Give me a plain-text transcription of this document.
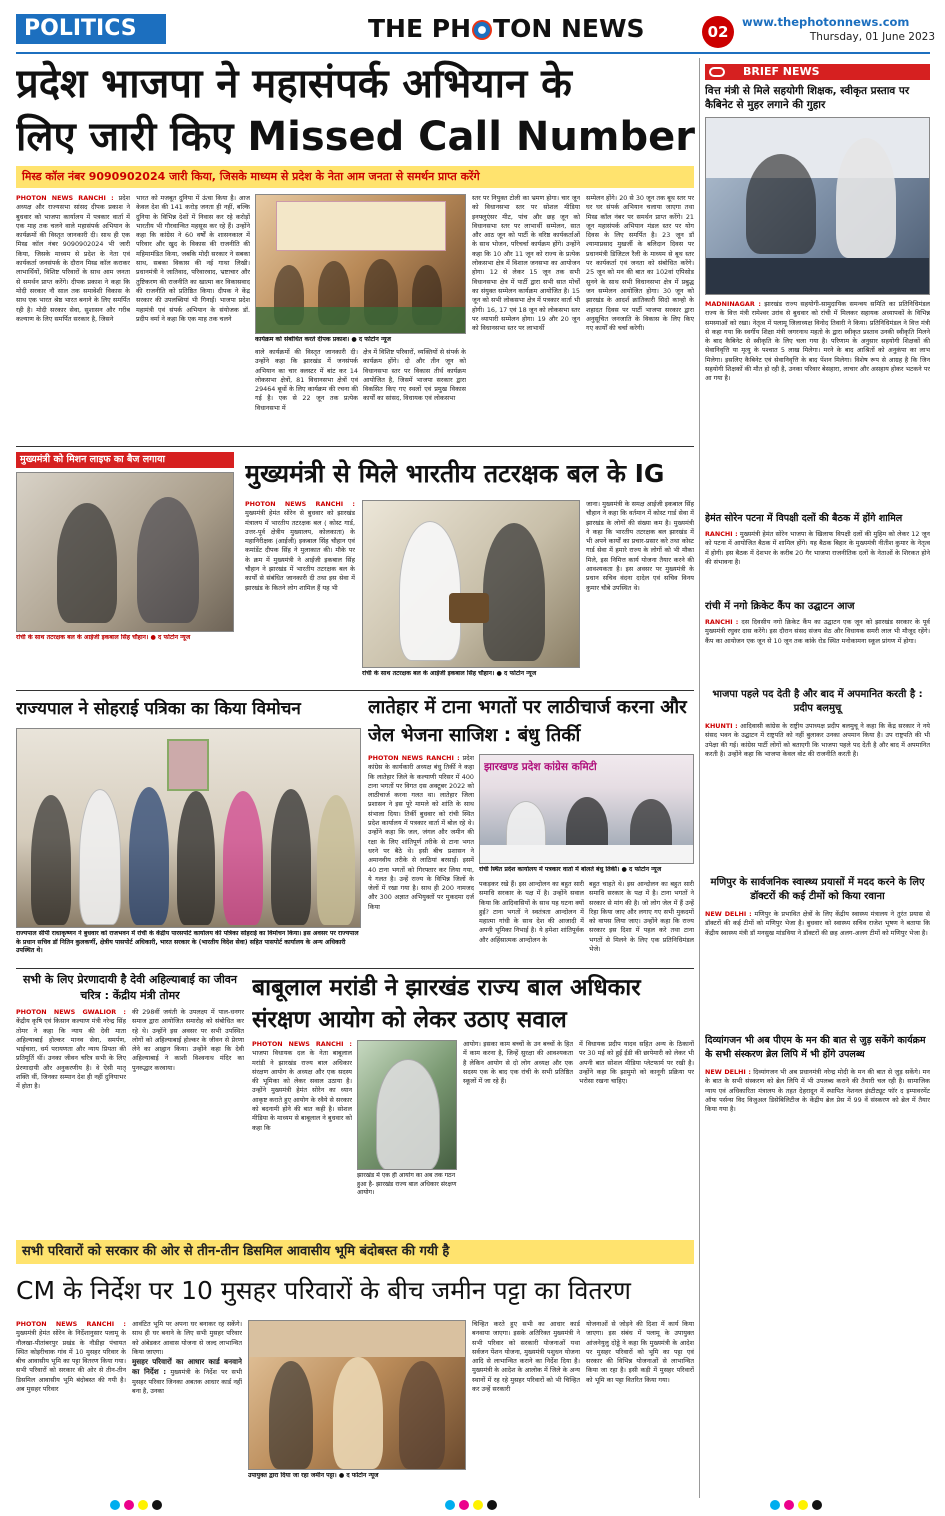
POLITICS	THE PH TON NEWS	02
www.thephotonnews.com
Thursday, 01 June 2023
प्रदेश भाजपा ने महासंपर्क अभियान के
लिए जारी किए Missed Call Number
मिस्ड कॉल नंबर 9090902024 जारी किया, जिसके माध्यम से प्रदेश के नेता आम जनता से समर्थन प्राप्त करेंगे
PHOTON NEWS RANCHI : प्रदेश अध्यक्ष और राज्यसभा सांसद दीपक प्रकाश ने बुधवार को भाजपा कार्यालय में पत्रकार वार्ता में एक माह तक चलने वाले महासंपर्क अभियान के कार्यक्रमों की विस्तृत जानकारी दी। साथ ही एक मिस्ड कॉल नंबर 9090902024 भी जारी किया, जिसके माध्यम से प्रदेश के नेता एवं कार्यकर्ता जनसंपर्क के दौरान मिस्ड कॉल कराकर लाभार्थियों, विशिष्ट परिवारों के साथ आम जनता से समर्थन प्राप्त करेंगे। दीपक प्रकाश ने कहा कि मोदी सरकार नौ साल तक समावेशी विकास के साथ एक भारत श्रेष्ठ भारत बनाने के लिए समर्पित रही है। मोदी सरकार सेवा, सुशासन और गरीब कल्याण के लिए समर्पित सरकार है, जिसने
भारत को मजबूत दुनिया में ऊंचा किया है। आज केवल देश की 141 करोड़ जनता ही नहीं, बल्कि दुनिया के विभिन्न देशों में निवास कर रहे करोड़ों भारतीय भी गौरवान्वित महसूस कर रहे हैं। उन्होंने कहा कि कांग्रेस ने 60 वर्षों के शासनकाल में परिवार और खुद के विकास की राजनीति की महिमामंडित किया, जबकि मोदी सरकार ने सबका साथ, सबका विकास की नई गाथा लिखी। प्रधानमंत्री ने जातिवाद, परिवारवाद, भ्रष्टाचार और तुष्टिकरण की राजनीति का खात्मा कर विकासवाद की राजनीति को प्रतिष्ठित किया। दीपक ने केंद्र सरकार की उपलब्धियां भी गिनाईं। भाजपा प्रदेश महामंत्री एवं संपर्क अभियान के संयोजक डॉ. प्रदीप वर्मा ने कहा कि एक माह तक चलने
कार्यक्रम को संबोधित करते दीपक प्रकाश। ● द फोटोन न्यूज
वाले कार्यक्रमों की विस्तृत जानकारी दी। उन्होंने कहा कि झारखंड में जनसंपर्क अभियान का चार क्लस्टर में बांट कर 14 लोकसभा क्षेत्रों, 81 विधानसभा क्षेत्रों एवं 29464 बूथों के लिए कार्यक्रम की रचना की गई है। एक से 22 जून तक प्रत्येक विधानसभा में
क्षेत्र में विशिष्ट परिवारों, व्यक्तियों से संपर्क के कार्यक्रम होंगे। दो और तीन जून को विधानसभा स्तर पर विकास तीर्थ कार्यक्रम आयोजित है, जिसमें भाजपा सरकार द्वारा विकसित किए गए स्थलों एवं प्रमुख विकास कार्यों का सांसद, विधायक एवं लोकसभा
स्तर पर नियुक्त टोली का भ्रमण होगा। चार जून को विधानसभा स्तर पर सोशल मीडिया इनफ्लुएंसर मीट, पांच और छह जून को विधानसभा स्तर पर लाभार्थी सम्मेलन, सात और आठ जून को पार्टी के वरिष्ठ कार्यकर्ताओं के साथ भोजन, परिचर्चा कार्यक्रम होंगे। उन्होंने कहा कि 10 और 11 जून को राज्य के प्रत्येक लोकसभा क्षेत्र में विशाल जनसभा का आयोजन होगा। 12 से लेकर 15 जून तक सभी विधानसभा क्षेत्र में पार्टी द्वारा सभी सात मोर्चों का संयुक्त सम्मेलन कार्यक्रम आयोजित है। 15 जून को सभी लोकसभा क्षेत्र में पत्रकार वार्ता भी होगी। 16, 17 एवं 18 जून को लोकसभा स्तर पर व्यापारी सम्मेलन होगा। 19 और 20 जून को विधानसभा स्तर पर लाभार्थी
सम्मेलन होंगे। 20 से 30 जून तक बूथ स्तर पर घर घर संपर्क अभियान चलाया जाएगा तथा मिस्ड कॉल नंबर पर समर्थन प्राप्त करेंगे। 21 जून महासंपर्क अभियान मंडल स्तर पर योग दिवस के लिए समर्पित है। 23 जून डॉ श्यामाप्रसाद मुखर्जी के बलिदान दिवस पर प्रधानमंत्री डिजिटल रैली के माध्यम से बूथ स्तर पर कार्यकर्ता एवं जनता को संबोधित करेंगे। 25 जून को मन की बात का 102वां एपिसोड सुनने के साथ सभी विधानसभा क्षेत्र में प्रबुद्ध जन सम्मेलन आयोजित होगा। 30 जून को झारखंड के आदर्श क्रांतिकारी सिदो कान्हो के शहादत दिवस पर पार्टी भाजपा सरकार द्वारा अनुसूचित जनजाति के विकास के लिए किए गए कार्यों की चर्चा करेगी।
BRIEF NEWS
वित्त मंत्री से मिले सहयोगी शिक्षक, स्वीकृत प्रस्ताव पर कैबिनेट से मुहर लगाने की गुहार
MADNINAGAR : झारखंड राज्य सहयोगी-सामुदायिक समन्वय समिति का प्रतिनिधिमंडल राज्य के वित्त मंत्री रामेश्वर उरांव से बुधवार को रांची में मिलकर सहायक अध्यापकों के विभिन्न समस्याओं को रखा। नेतृत्व में पलामू जिलाध्यक्ष विनोद तिवारी ने किया। प्रतिनिधिमंडल ने वित्त मंत्री से कहा गया कि स्वर्गीय शिक्षा मंत्री जगरनाथ महतो के द्वारा स्वीकृत प्रस्ताव उनकी स्वीकृति मिलने के बाद कैबिनेट से स्वीकृति के लिए चला गया है। परिणाम के अनुसार सहयोगी शिक्षकों की सेवानिवृत्ति या मृत्यु के पश्चात 5 लाख मिलेगा। मरने के बाद आश्रितों को अनुकंपा का लाभ मिलेगा। इसलिए कैबिनेट एवं सेवानिवृत्ति के बाद पेंशन मिलेगा। विशेष रूप से आग्रह है कि जिन सहयोगी शिक्षकों की मौत हो रही है, उनका परिवार बेसहारा, लाचार और असहाय होकर भटकने पर आ गया है।
हेमंत सोरेन पटना में विपक्षी दलों की बैठक में होंगे शामिल
RANCHI : मुख्यमंत्री हेमंत सोरेन भाजपा के खिलाफ विपक्षी दलों की मुहिम को लेकर 12 जून को पटना में आयोजित बैठक में शामिल होंगे। यह बैठक बिहार के मुख्यमंत्री नीतीश कुमार के नेतृत्व में होगी। इस बैठक में देशभर के करीब 20 गैर भाजपा राजनीतिक दलों के नेताओं के शिरकत होने की संभावना है।
रांची में नगो क्रिकेट कैंप का उद्घाटन आज
RANCHI : दस दिवसीय नगो क्रिकेट कैंप का उद्घाटन एक जून को झारखंड सरकार के पूर्व मुख्यमंत्री रघुवर दास करेंगे। इस दौरान संसद संजय सेठ और विधायक समरी लाल भी मौजूद रहेंगे। कैंप का आयोजन एक जून से 10 जून तक कांके रोड स्थित मनोकामना स्कूल प्रांगण में होगा।
भाजपा पहले पद देती है और बाद में अपमानित करती है : प्रदीप बलमुचू
KHUNTI : आदिवासी कांग्रेस के राष्ट्रीय उपाध्यक्ष प्रदीप बलमुचू ने कहा कि केंद्र सरकार ने नये संसद भवन के उद्घाटन में राष्ट्रपति को नहीं बुलाकर उनका अपमान किया है। उप राष्ट्रपति की भी उपेक्षा की गई। कांग्रेस पार्टी लोगों को बताएगी कि भाजपा पहले पद देती है और बाद में अपमानित करती है। उन्होंने कहा कि भाजपा केवल वोट की राजनीति करती है।
मणिपुर के सार्वजनिक स्वास्थ्य प्रयासों में मदद करने के लिए डॉक्टरों की कई टीमों को किया रवाना
NEW DELHI : मणिपुर के प्रभावित क्षेत्रों के लिए केंद्रीय स्वास्थ्य मंत्रालय ने तुरंत प्रयास से डॉक्टरों की कई टीमों को मणिपुर भेजा है। बुधवार को स्वास्थ्य सचिव राजेश भूषण ने बताया कि केंद्रीय स्वास्थ्य मंत्री डॉ मनसुख मांडविया ने डॉक्टरों की छह अलग-अलग टीमों को मणिपुर भेजा है।
दिव्यांगजन भी अब पीएम के मन की बात से जुड़ सकेंगे कार्यक्रम के सभी संस्करण ब्रेल लिपि में भी होंगे उपलब्ध
NEW DELHI : दिव्यांगजन भी अब प्रधानमंत्री नरेन्द्र मोदी के मन की बात से जुड़ सकेंगे। मन के बात के सभी संस्करण को ब्रेल लिपि में भी उपलब्ध कराने की तैयारी चल रही है। सामाजिक न्याय एवं अधिकारिता मंत्रालय के तहत देहरादून में स्थापित नेशनल इंस्टीट्यूट फॉर द इम्पावरमेंट ऑफ पर्सन्स विद विजुअल डिसेबिलिटीज के केंद्रीय ब्रेल प्रेस में 99 वें संस्करण को ब्रेल में तैयार किया गया है।
मुख्यमंत्री को मिशन लाइफ का बैज लगाया
रांची के साथ तटरक्षक बल के आईजी इकबाल सिंह चौहान। ● द फोटोन न्यूज
मुख्यमंत्री से मिले भारतीय तटरक्षक बल के IG
PHOTON NEWS RANCHI : मुख्यमंत्री हेमंत सोरेन से बुधवार को झारखंड मंत्रालय में भारतीय तटरक्षक बल ( कोस्ट गार्ड, उत्तर-पूर्व क्षेत्रीय मुख्यालय, कोलकाता) के महानिरीक्षक (आईजी) इकबाल सिंह चौहान एवं कमांडेंट दीपक सिंह ने मुलाकात की। मौके पर के क्रम में मुख्यमंत्री ने आईजी इकबाल सिंह चौहान ने झारखंड में भारतीय तटरक्षक बल के कार्यों से संबंधित जानकारी दी तथा इस सेवा में झारखंड के कितने लोग शामिल हैं यह भी
रांची के साथ तटरक्षक बल के आईजी इकबाल सिंह चौहान। ● द फोटोन न्यूज
जाना। मुख्यमंत्री के समक्ष आईजी इकबाल सिंह चौहान ने कहा कि वर्तमान में कोस्ट गार्ड सेवा में झारखंड के लोगों की संख्या कम है। मुख्यमंत्री ने कहा कि भारतीय तटरक्षक बल झारखंड में भी अपने कार्यों का प्रचार-प्रसार करे तथा कोस्ट गार्ड सेवा में हमारे राज्य के लोगों को भी मौका मिले, इस निमित्त कार्य योजना तैयार करने की आवश्यकता है। इस अवसर पर मुख्यमंत्री के प्रधान सचिव वंदना दादेल एवं सचिव विनय कुमार चौबे उपस्थित थे।
राज्यपाल ने सोहराई पत्रिका का किया विमोचन
राज्यपाल सीपी राधाकृष्णन ने बुधवार को राजभवन में रांची के केंद्रीय पारसपोर्ट कार्यालय की पत्रिका सोहराई का विमोचन किया। इस अवसर पर राज्यपाल के प्रधान सचिव डॉ नितिन कुलकर्णी, क्षेत्रीय पासपोर्ट अधिकारी, भारत सरकार के (भारतीय विदेश सेवा) सहित पासपोर्ट कार्यालय के अन्य अधिकारी उपस्थित थे।
लातेहार में टाना भगतों पर लाठीचार्ज करना और जेल भेजना साजिश : बंधु तिर्की
PHOTON NEWS RANCHI : प्रदेश कांग्रेस के कार्यकारी अध्यक्ष बंधु तिर्की ने कहा कि लातेहार जिले के कल्याणी परिसर में 400 टाना भगतों पर विगत दस अक्टूबर 2022 को लाठीचार्ज करना गलत था। लातेहार जिला प्रशासन ने इस पूरे मामले को शांति के साथ संभाला दिया। तिर्की बुधवार को रांची स्थित प्रदेश कार्यालय में पत्रकार वार्ता में बोल रहे थे। उन्होंने कहा कि जल, जंगल और जमीन की रक्षा के लिए शांतिपूर्ण तरीके से टाना भगत धरने पर बैठे थे। इसी बीच प्रशासन ने अमानवीय तरीके से लाठियां बरसाईं। इसमें 40 टाना भगतों को गिरफ्तार कर लिया गया, ये गलत है। उन्हें राज्य के विभिन्न जिलों के जेलों में रखा गया है। साथ ही 200 नामजद और 300 अज्ञात अभियुक्तों पर मुकदमा दर्ज किया
झारखण्ड प्रदेश कांग्रेस कमिटी
रांची स्थित प्रदेश कार्यालय में पत्रकार वार्ता में बोलते बंधु तिर्की। ● द फोटोन न्यूज
पकड़कर रखे हैं। इस आन्दोलन का बहुत सारी समाधि सरकार के पक्ष में है। उन्होंने सवाल किया कि आदिवासियों के साथ यह घटना क्यों हुई? टाना भगतों ने स्वतंत्रता आन्दोलन में महात्मा गांधी के साथ देश की आजादी में अपनी भूमिका निभाई है। ये हमेशा शांतिपूर्वक और अहिंसात्मक आन्दोलन के
बहुत चाहते थे। इस आन्दोलन का बहुत सारी समाधि सरकार के पक्ष में है। टाना भगतों ने सरकार से मांग की है। जो लोग जेल में हैं उन्हें रिहा किया जाए और लगाए गए सभी मुकदमों को वापस लिया जाए। उन्होंने कहा कि राज्य सरकार इस दिशा में पहल करे तथा टाना भगतों से मिलने के लिए एक प्रतिनिधिमंडल भेजे।
सभी के लिए प्रेरणादायी है देवी अहिल्याबाई का जीवन चरित्र : केंद्रीय मंत्री तोमर
PHOTON NEWS GWALIOR : केंद्रीय कृषि एवं किसान कल्याण मंत्री नरेन्द्र सिंह तोमर ने कहा कि न्याय की देवी माता अहिल्याबाई होल्कर मानव सेवा, समर्पण, भाईचारा, धर्म परायणता और न्याय प्रियता की प्रतिमूर्ति थीं। उनका जीवन चरित्र सभी के लिए प्रेरणादायी और अनुकरणीय है। वे ऐसी मातृ शक्ति थीं, जिनका सम्मान देश ही नहीं दुनियाभर में होता है।
की 298वीं जयंती के उपलक्ष्य में पाल-धनगर समाज द्वारा आयोजित समारोह को संबोधित कर रहे थे। उन्होंने इस अवसर पर सभी उपस्थित लोगों को अहिल्याबाई होल्कर के जीवन से प्रेरणा लेने का आह्वान किया। उन्होंने कहा कि देवी अहिल्याबाई ने काशी विश्वनाथ मंदिर का पुनरुद्धार करवाया।
बाबूलाल मरांडी ने झारखंड राज्य बाल अधिकार संरक्षण आयोग को लेकर उठाए सवाल
PHOTON NEWS RANCHI : भाजपा विधायक दल के नेता बाबूलाल मरांडी ने झारखंड राज्य बाल अधिकार संरक्षण आयोग के अध्यक्ष और एक सदस्य की भूमिका को लेकर सवाल उठाया है। उन्होंने मुख्यमंत्री हेमंत सोरेन का ध्यान आकृष्ट कराते हुए आयोग के रवैये से सरकार को बदनामी होने की बात कही है। सोशल मीडिया के माध्यम से बाबूलाल ने बुधवार को कहा कि
झारखंड में एक ही आयोग का अब तक गठन हुआ है- झारखंड राज्य बाल अधिकार संरक्षण आयोग।
आयोग। इसका काम बच्चों के उन बच्चों के हित में काम करना है, जिन्हें सुरक्षा की आवश्यकता है लेकिन आयोग से दो लोग अध्यक्ष और एक सदस्य एक के बाद एक रांची के सभी प्रतिष्ठित स्कूलों में जा रहे हैं।
में विधायक प्रदीप यादव सहित अन्य के ठिकानों पर 30 मई को हुई ईडी की छापेमारी को लेकर भी अपनी बात सोशल मीडिया प्लेटफार्म पर रखी है। उन्होंने कहा कि झामुमो को कानूनी प्रक्रिया पर भरोसा रखना चाहिए।
सभी परिवारों को सरकार की ओर से तीन-तीन डिसमिल आवासीय भूमि बंदोबस्त की गयी है
CM के निर्देश पर 10 मुसहर परिवारों के बीच जमीन पट्टा का वितरण
PHOTON NEWS RANCHI : मुख्यमंत्री हेमंत सोरेन के निर्देशानुसार पलामू के नौलखा-पीतांबरपुर प्रखंड के नौडीहा पंचायत स्थित कोइरीचाक गांव में 10 मुसहर परिवार के बीच आवासीय भूमि का पट्टा वितरण किया गया। सभी परिवारों को सरकार की ओर से तीन-तीन डिसमिल आवासीय भूमि बंदोबस्त की गयी है। अब मुसहर परिवार
आवंटित भूमि पर अपना घर बनाकर रह सकेंगे। साथ ही घर बनाने के लिए सभी मुसहर परिवार को अंबेडकर आवास योजना से जल्द लाभान्वित किया जाएगा।
मुसहर परिवारों का आधार कार्ड बनवाने का निर्देश : मुख्यमंत्री के निर्देश पर सभी मुसहर परिवार जिनका अबतक आधार कार्ड नहीं बना है, उनका
उपायुक्त द्वारा दिया जा रहा जमीन पट्टा। ● द फोटोन न्यूज
चिन्हित करते हुए सभी का आधार कार्ड बनवाया जाएगा। इसके अतिरिक्त मुख्यमंत्री ने सभी परिवार को सरकारी योजनाओं यथा सर्वजन पेंशन योजना, मुख्यमंत्री पशुधन योजना आदि से लाभान्वित कराने का निर्देश दिया है। मुख्यमंत्री के आदेश के आलोक में जिले के अन्य स्थानों में रह रहे मुसहर परिवारों को भी चिन्हित कर उन्हें सरकारी
योजनाओं से जोड़ने की दिशा में कार्य किया जाएगा। इस संबंध में पलामू के उपायुक्त आंजनेयुलु दोड्डे ने कहा कि मुख्यमंत्री के आदेश पर मुसहर परिवारों को भूमि का पट्टा एवं सरकार की विभिन्न योजनाओं से लाभान्वित किया जा रहा है। इसी कड़ी में मुसहर परिवारों को भूमि का पट्टा वितरित किया गया।
